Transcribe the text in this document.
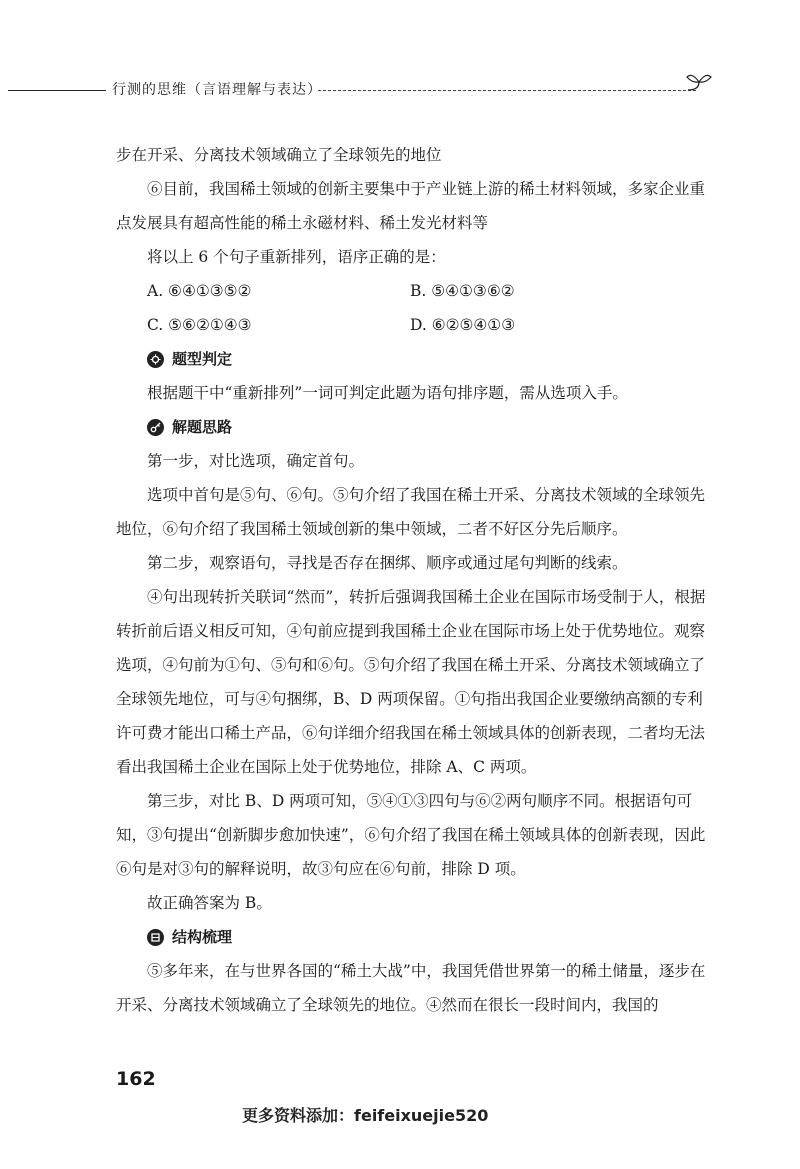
行测的思维（言语理解与表达）

步在开采、分离技术领域确立了全球领先的地位

⑥目前，我国稀土领域的创新主要集中于产业链上游的稀土材料领域，多家企业重点发展具有超高性能的稀土永磁材料、稀土发光材料等

将以上 6 个句子重新排列，语序正确的是：

A. ⑥④①③⑤②	B. ⑤④①③⑥②
C. ⑤⑥②①④③	D. ⑥②⑤④①③
题型判定

根据题干中“重新排列”一词可判定此题为语句排序题，需从选项入手。

解题思路

第一步，对比选项，确定首句。

选项中首句是⑤句、⑥句。⑤句介绍了我国在稀土开采、分离技术领域的全球领先地位，⑥句介绍了我国稀土领域创新的集中领域，二者不好区分先后顺序。

第二步，观察语句，寻找是否存在捆绑、顺序或通过尾句判断的线索。

④句出现转折关联词“然而”，转折后强调我国稀土企业在国际市场受制于人，根据转折前后语义相反可知，④句前应提到我国稀土企业在国际市场上处于优势地位。观察选项，④句前为①句、⑤句和⑥句。⑤句介绍了我国在稀土开采、分离技术领域确立了全球领先地位，可与④句捆绑，B、D 两项保留。①句指出我国企业要缴纳高额的专利许可费才能出口稀土产品，⑥句详细介绍我国在稀土领域具体的创新表现，二者均无法看出我国稀土企业在国际上处于优势地位，排除 A、C 两项。

第三步，对比 B、D 两项可知，⑤④①③四句与⑥②两句顺序不同。根据语句可知，③句提出“创新脚步愈加快速”，⑥句介绍了我国在稀土领域具体的创新表现，因此⑥句是对③句的解释说明，故③句应在⑥句前，排除 D 项。

故正确答案为 B。

结构梳理

⑤多年来，在与世界各国的“稀土大战”中，我国凭借世界第一的稀土储量，逐步在开采、分离技术领域确立了全球领先的地位。④然而在很长一段时间内，我国的

162
更多资料添加：feifeixuejie520
